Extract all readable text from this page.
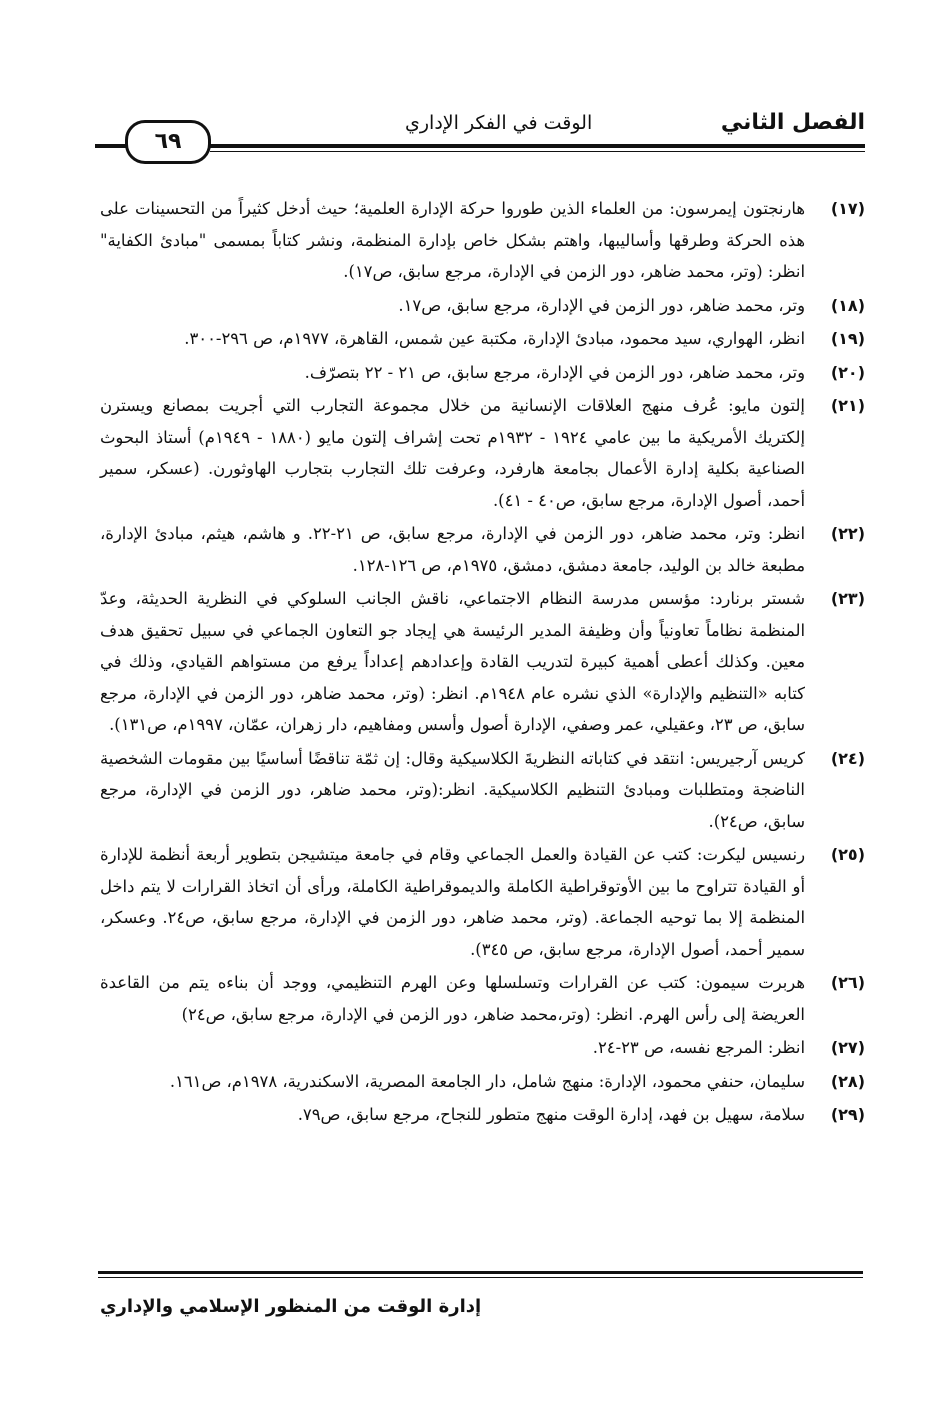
الفصل الثاني
الوقت في الفكر الإداري
٦٩
(١٧)
هارنجتون إيمرسون: من العلماء الذين طوروا حركة الإدارة العلمية؛ حيث أدخل كثيراً من التحسينات على هذه الحركة وطرقها وأساليبها، واهتم بشكل خاص بإدارة المنظمة، ونشر كتاباً بمسمى "مبادئ الكفاية" انظر: (وتر، محمد ضاهر، دور الزمن في الإدارة، مرجع سابق، ص١٧).
(١٨)
وتر، محمد ضاهر، دور الزمن في الإدارة، مرجع سابق، ص١٧.
(١٩)
انظر، الهواري، سيد محمود، مبادئ الإدارة، مكتبة عين شمس، القاهرة، ١٩٧٧م، ص ٢٩٦-٣٠٠.
(٢٠)
وتر، محمد ضاهر، دور الزمن في الإدارة، مرجع سابق، ص ٢١ - ٢٢ بتصرّف.
(٢١)
إلتون مايو: عُرف منهج العلاقات الإنسانية من خلال مجموعة التجارب التي أجريت بمصانع ويسترن إلكتريك الأمريكية ما بين عامي ١٩٢٤ - ١٩٣٢م تحت إشراف إلتون مايو (١٨٨٠ - ١٩٤٩م) أستاذ البحوث الصناعية بكلية إدارة الأعمال بجامعة هارفرد، وعرفت تلك التجارب بتجارب الهاوثورن. (عسكر، سمير أحمد، أصول الإدارة، مرجع سابق، ص٤٠ - ٤١).
(٢٢)
انظر: وتر، محمد ضاهر، دور الزمن في الإدارة، مرجع سابق، ص ٢١-٢٢. و هاشم، هيثم، مبادئ الإدارة، مطبعة خالد بن الوليد، جامعة دمشق، دمشق، ١٩٧٥م، ص ١٢٦-١٢٨.
(٢٣)
شستر برنارد: مؤسس مدرسة النظام الاجتماعي، ناقش الجانب السلوكي في النظرية الحديثة، وعدّ المنظمة نظاماً تعاونياً وأن وظيفة المدير الرئيسة هي إيجاد جو التعاون الجماعي في سبيل تحقيق هدف معين. وكذلك أعطى أهمية كبيرة لتدريب القادة وإعدادهم إعداداً يرفع من مستواهم القيادي، وذلك في كتابه «التنظيم والإدارة» الذي نشره عام ١٩٤٨م. انظر: (وتر، محمد ضاهر، دور الزمن في الإدارة، مرجع سابق، ص ٢٣، وعقيلي، عمر وصفي، الإدارة أصول وأسس ومفاهيم، دار زهران، عمّان، ١٩٩٧م، ص١٣١).
(٢٤)
كريس آرجيريس: انتقد في كتاباته النظريةَ الكلاسيكية وقال: إن ثمّة تناقضًا أساسيًا بين مقومات الشخصية الناضجة ومتطلبات ومبادئ التنظيم الكلاسيكية. انظر:(وتر، محمد ضاهر، دور الزمن في الإدارة، مرجع سابق، ص٢٤).
(٢٥)
رنسيس ليكرت: كتب عن القيادة والعمل الجماعي وقام في جامعة ميتشيجن بتطوير أربعة أنظمة للإدارة أو القيادة تتراوح ما بين الأوتوقراطية الكاملة والديموقراطية الكاملة، ورأى أن اتخاذ القرارات لا يتم داخل المنظمة إلا بما توحيه الجماعة. (وتر، محمد ضاهر، دور الزمن في الإدارة، مرجع سابق، ص٢٤. وعسكر، سمير أحمد، أصول الإدارة، مرجع سابق، ص ٣٤٥).
(٢٦)
هربرت سيمون: كتب عن القرارات وتسلسلها وعن الهرم التنظيمي، ووجد أن بناءه يتم من القاعدة العريضة إلى رأس الهرم. انظر: (وتر،محمد ضاهر، دور الزمن في الإدارة، مرجع سابق، ص٢٤)
(٢٧)
انظر: المرجع نفسه، ص ٢٣-٢٤.
(٢٨)
سليمان، حنفي محمود، الإدارة: منهج شامل، دار الجامعة المصرية، الاسكندرية، ١٩٧٨م، ص١٦١.
(٢٩)
سلامة، سهيل بن فهد، إدارة الوقت منهج متطور للنجاح، مرجع سابق، ص٧٩.
إدارة الوقت من المنظور الإسلامي والإداري
